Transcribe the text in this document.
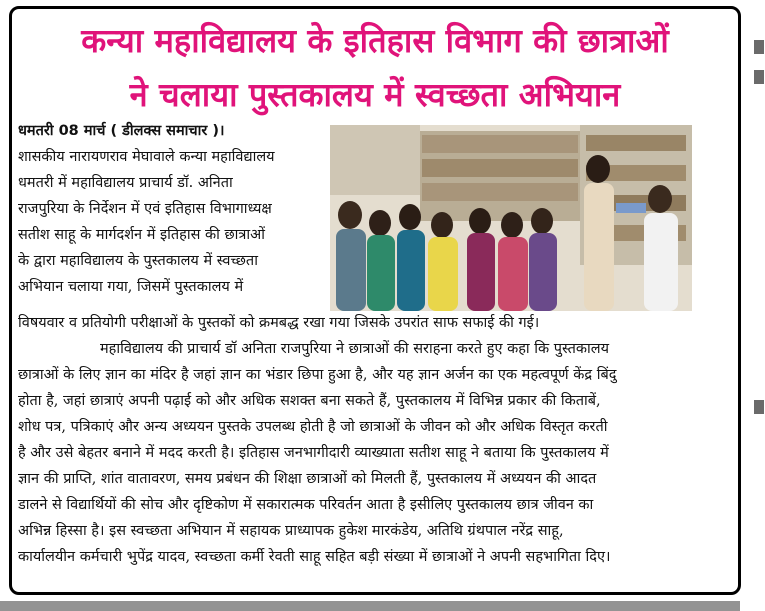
कन्या महाविद्यालय के इतिहास विभाग की छात्राओं
ने चलाया पुस्तकालय में स्वच्छता अभियान
धमतरी 08 मार्च ( डीलक्स समाचार )।
शासकीय नारायणराव मेघावाले कन्या महाविद्यालय
धमतरी में महाविद्यालय प्राचार्य डॉ. अनिता
राजपुरिया के निर्देशन में एवं इतिहास विभागाध्यक्ष
सतीश साहू के मार्गदर्शन में इतिहास की छात्राओं
के द्वारा महाविद्यालय के पुस्तकालय में स्वच्छता
अभियान चलाया गया, जिसमें पुस्तकालय में
विषयवार व प्रतियोगी परीक्षाओं के पुस्तकों को क्रमबद्ध रखा गया जिसके उपरांत साफ सफाई की गई।
महाविद्यालय की प्राचार्य डॉ अनिता राजपुरिया ने छात्राओं की सराहना करते हुए कहा कि पुस्तकालय
छात्राओं के लिए ज्ञान का मंदिर है जहां ज्ञान का भंडार छिपा हुआ है, और यह ज्ञान अर्जन का एक महत्वपूर्ण केंद्र बिंदु
होता है, जहां छात्राएं अपनी पढ़ाई को और अधिक सशक्त बना सकते हैं, पुस्तकालय में विभिन्न प्रकार की किताबें,
शोध पत्र, पत्रिकाएं और अन्य अध्ययन पुस्तके उपलब्ध होती है जो छात्राओं के जीवन को और अधिक विस्तृत करती
है और उसे बेहतर बनाने में मदद करती है। इतिहास जनभागीदारी व्याख्याता सतीश साहू ने बताया कि पुस्तकालय में
ज्ञान की प्राप्ति, शांत वातावरण, समय प्रबंधन की शिक्षा छात्राओं को मिलती हैं, पुस्तकालय में अध्ययन की आदत
डालने से विद्यार्थियों की सोच और दृष्टिकोण में सकारात्मक परिवर्तन आता है इसीलिए पुस्तकालय छात्र जीवन का
अभिन्न हिस्सा है। इस स्वच्छता अभियान में सहायक प्राध्यापक हुकेश मारकंडेय, अतिथि ग्रंथपाल नरेंद्र साहू,
कार्यालयीन कर्मचारी भुपेंद्र यादव, स्वच्छता कर्मी रेवती साहू सहित बड़ी संख्या में छात्राओं ने अपनी सहभागिता दिए।
